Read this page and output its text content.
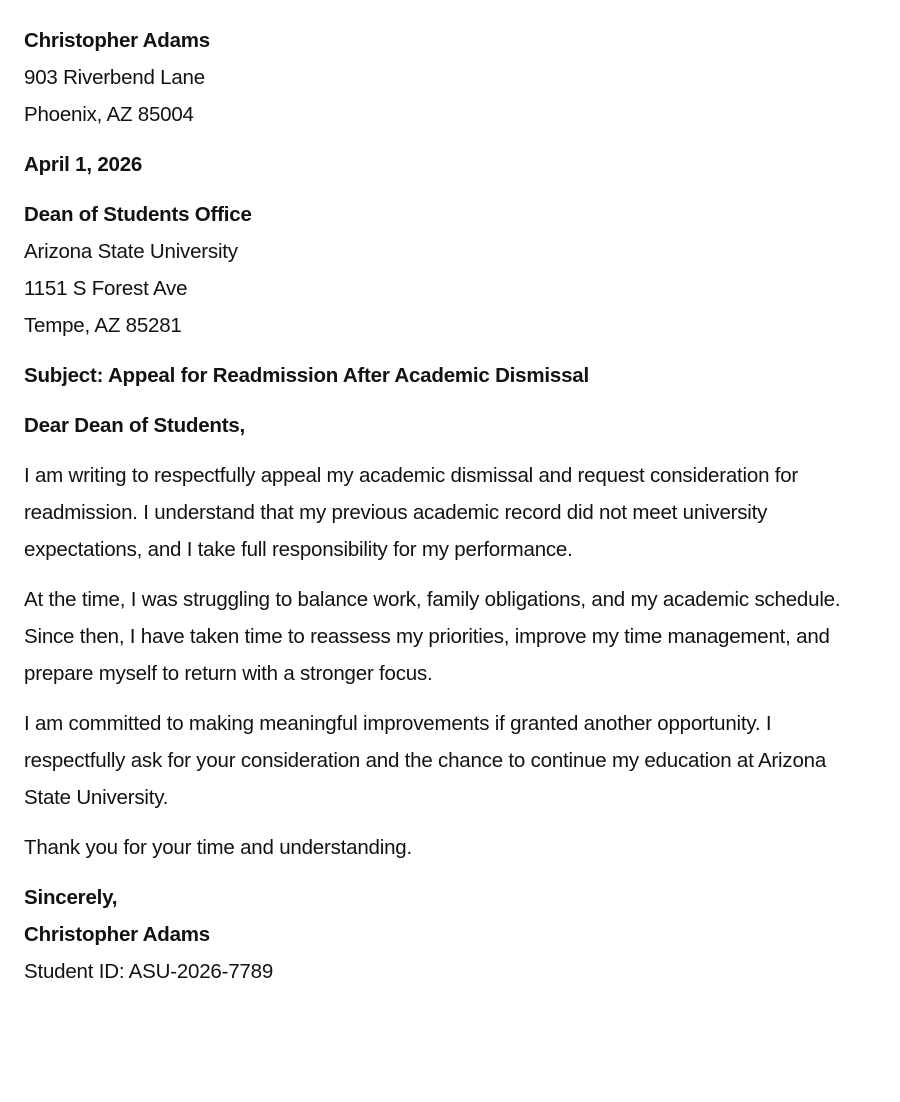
Christopher Adams
903 Riverbend Lane
Phoenix, AZ 85004
April 1, 2026
Dean of Students Office
Arizona State University
1151 S Forest Ave
Tempe, AZ 85281
Subject: Appeal for Readmission After Academic Dismissal
Dear Dean of Students,

I am writing to respectfully appeal my academic dismissal and request consideration for readmission. I understand that my previous academic record did not meet university expectations, and I take full responsibility for my performance.

At the time, I was struggling to balance work, family obligations, and my academic schedule. Since then, I have taken time to reassess my priorities, improve my time management, and prepare myself to return with a stronger focus.

I am committed to making meaningful improvements if granted another opportunity. I respectfully ask for your consideration and the chance to continue my education at Arizona State University.

Thank you for your time and understanding.

Sincerely,
Christopher Adams
Student ID: ASU-2026-7789
